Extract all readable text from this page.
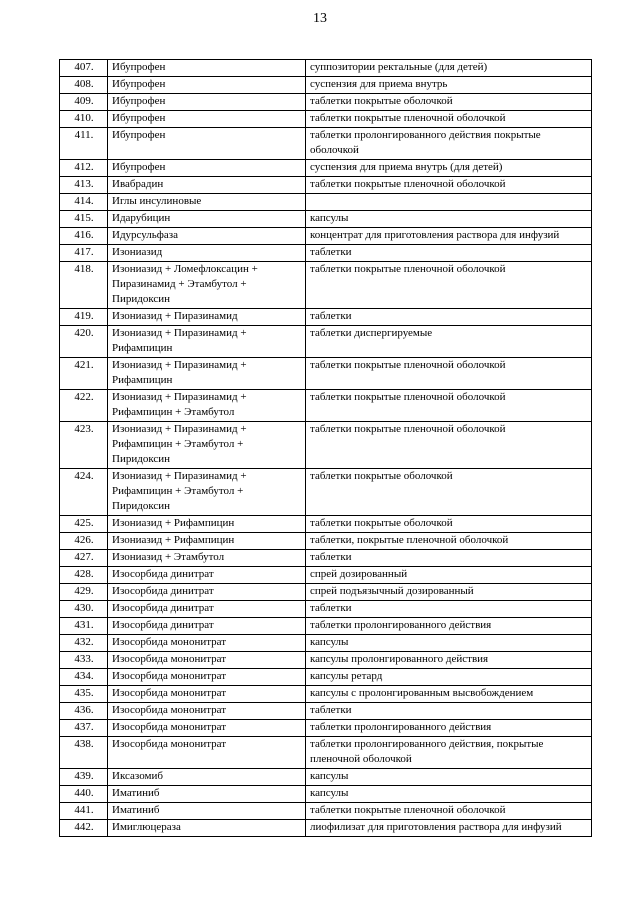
13
407.	Ибупрофен	суппозитории ректальные (для детей)
408.	Ибупрофен	суспензия для приема внутрь
409.	Ибупрофен	таблетки покрытые оболочкой
410.	Ибупрофен	таблетки покрытые пленочной оболочкой
411.	Ибупрофен	таблетки пролонгированного действия покрытые оболочкой
412.	Ибупрофен	суспензия для приема внутрь (для детей)
413.	Ивабрадин	таблетки покрытые пленочной оболочкой
414.	Иглы инсулиновые	
415.	Идарубицин	капсулы
416.	Идурсульфаза	концентрат для приготовления раствора для инфузий
417.	Изониазид	таблетки
418.	Изониазид + Ломефлоксацин + Пиразинамид + Этамбутол + Пиридоксин	таблетки покрытые пленочной оболочкой
419.	Изониазид + Пиразинамид	таблетки
420.	Изониазид + Пиразинамид + Рифампицин	таблетки диспергируемые
421.	Изониазид + Пиразинамид + Рифампицин	таблетки покрытые пленочной оболочкой
422.	Изониазид + Пиразинамид + Рифампицин + Этамбутол	таблетки покрытые пленочной оболочкой
423.	Изониазид + Пиразинамид + Рифампицин + Этамбутол + Пиридоксин	таблетки покрытые пленочной оболочкой
424.	Изониазид + Пиразинамид + Рифампицин + Этамбутол + Пиридоксин	таблетки покрытые оболочкой
425.	Изониазид + Рифампицин	таблетки покрытые оболочкой
426.	Изониазид + Рифампицин	таблетки, покрытые пленочной оболочкой
427.	Изониазид + Этамбутол	таблетки
428.	Изосорбида динитрат	спрей дозированный
429.	Изосорбида динитрат	спрей подъязычный дозированный
430.	Изосорбида динитрат	таблетки
431.	Изосорбида динитрат	таблетки пролонгированного действия
432.	Изосорбида мононитрат	капсулы
433.	Изосорбида мононитрат	капсулы пролонгированного действия
434.	Изосорбида мононитрат	капсулы ретард
435.	Изосорбида мононитрат	капсулы с пролонгированным высвобождением
436.	Изосорбида мононитрат	таблетки
437.	Изосорбида мононитрат	таблетки пролонгированного действия
438.	Изосорбида мононитрат	таблетки пролонгированного действия, покрытые пленочной оболочкой
439.	Иксазомиб	капсулы
440.	Иматиниб	капсулы
441.	Иматиниб	таблетки покрытые пленочной оболочкой
442.	Имиглюцераза	лиофилизат для приготовления раствора для инфузий
